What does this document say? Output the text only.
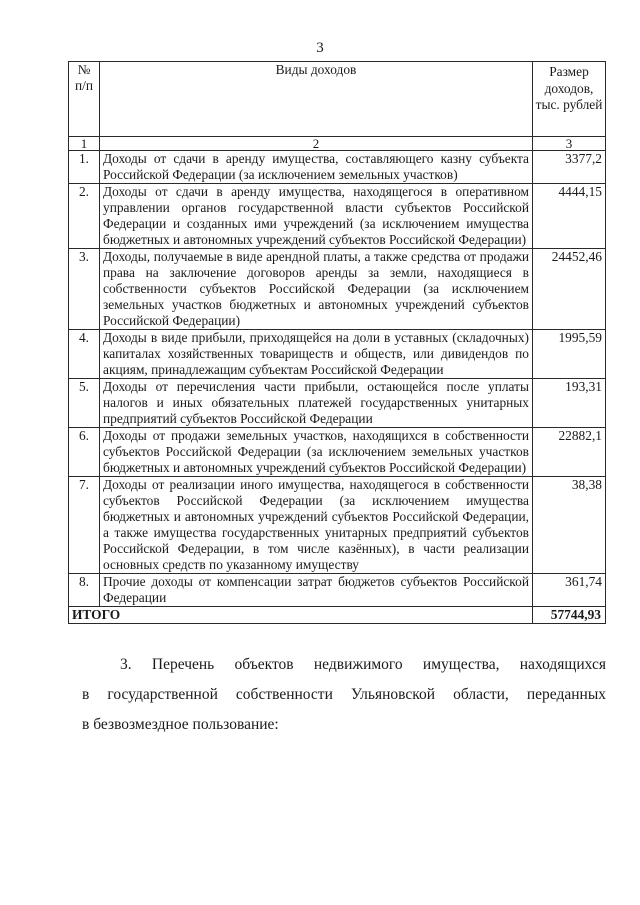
3
№ п/п	Виды доходов	Размер доходов, тыс. рублей
1	2	3
1.	Доходы от сдачи в аренду имущества, составляющего казну субъекта Российской Федерации (за исключением земельных участков)	3377,2
2.	Доходы от сдачи в аренду имущества, находящегося в оперативном управлении органов государственной власти субъектов Российской Федерации и созданных ими учреждений (за исключением имущества бюджетных и автономных учреждений субъектов Российской Федерации)	4444,15
3.	Доходы, получаемые в виде арендной платы, а также средства от продажи права на заключение договоров аренды за земли, находящиеся в собственности субъектов Российской Федерации (за исключением земельных участков бюджетных и автономных учреждений субъектов Российской Федерации)	24452,46
4.	Доходы в виде прибыли, приходящейся на доли в уставных (складочных) капиталах хозяйственных товариществ и обществ, или дивидендов по акциям, принадлежащим субъектам Российской Федерации	1995,59
5.	Доходы от перечисления части прибыли, остающейся после уплаты налогов и иных обязательных платежей государственных унитарных предприятий субъектов Российской Федерации	193,31
6.	Доходы от продажи земельных участков, находящихся в собственности субъектов Российской Федерации (за исключением земельных участков бюджетных и автономных учреждений субъектов Российской Федерации)	22882,1
7.	Доходы от реализации иного имущества, находящегося в собственности субъектов Российской Федерации (за исключением имущества бюджетных и автономных учреждений субъектов Российской Федерации, а также имущества государственных унитарных предприятий субъектов Российской Федерации, в том числе казённых), в части реализации основных средств по указанному имуществу	38,38
8.	Прочие доходы от компенсации затрат бюджетов субъектов Российской Федерации	361,74
ИТОГО		57744,93
3. Перечень объектов недвижимого имущества, находящихся
в государственной собственности Ульяновской области, переданных
в безвозмездное пользование:
